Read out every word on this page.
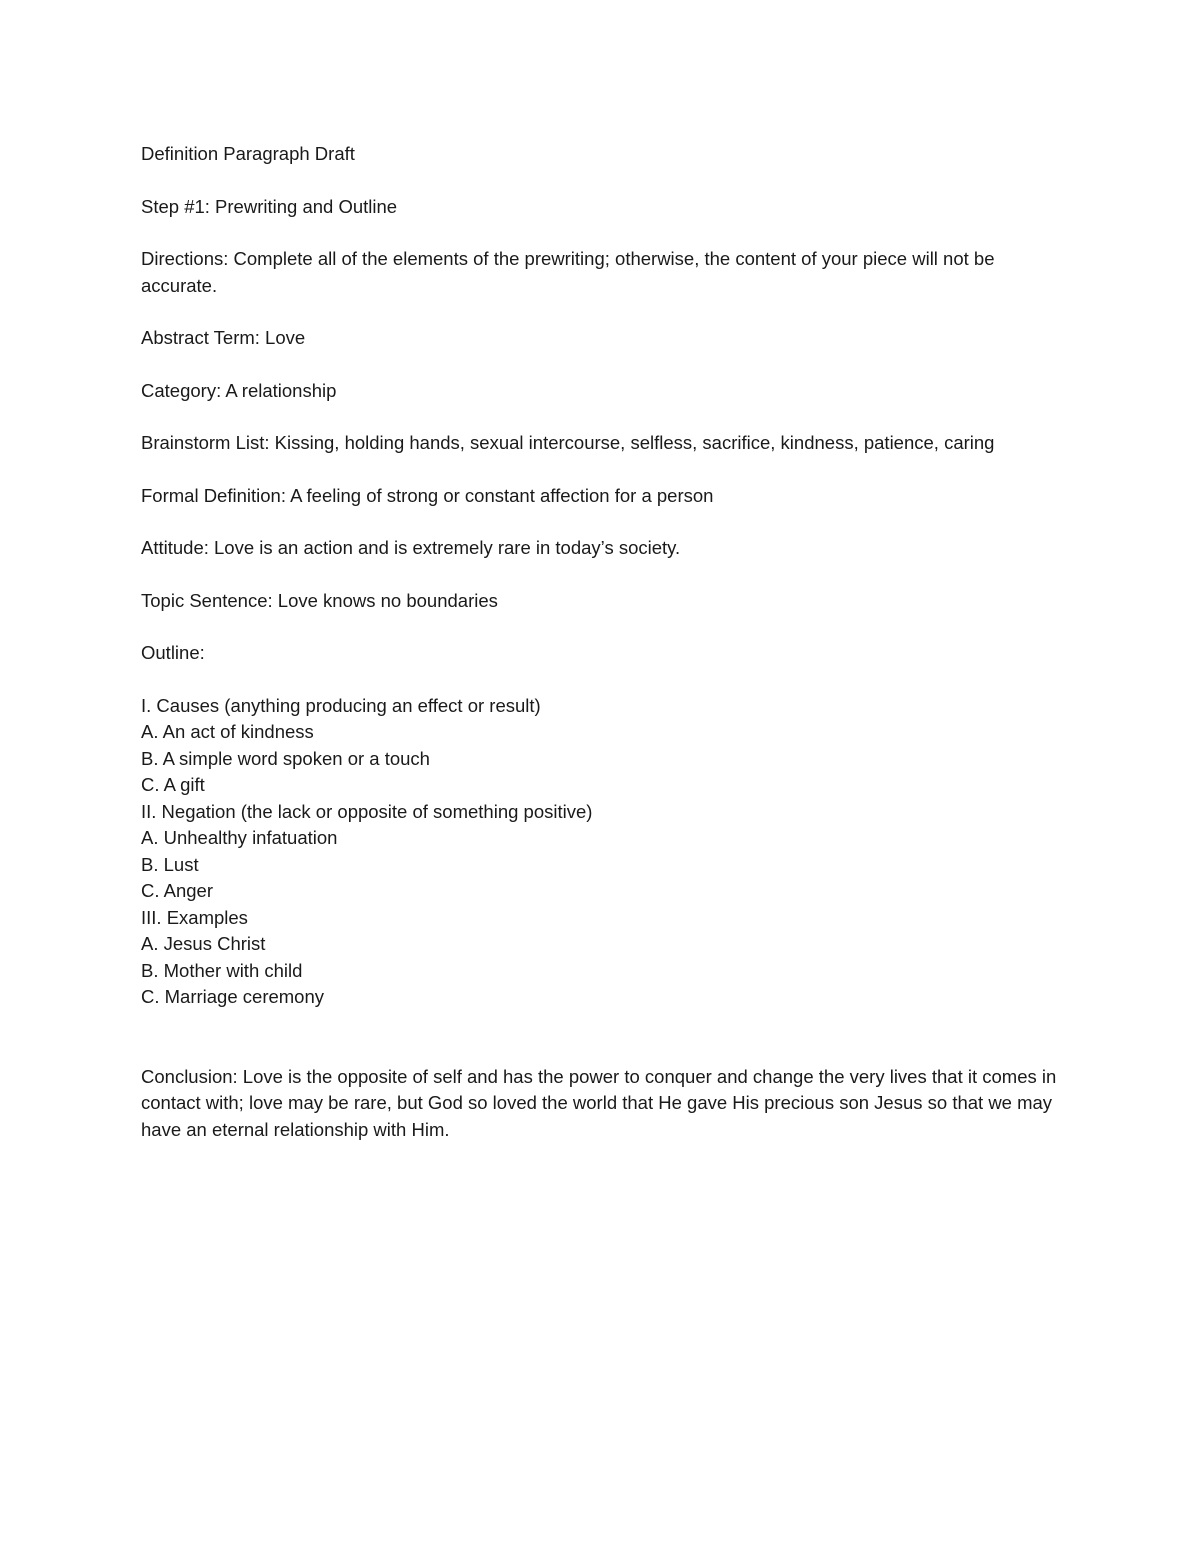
Definition Paragraph Draft

Step #1: Prewriting and Outline

Directions: Complete all of the elements of the prewriting; otherwise, the content of your piece will not be accurate.

Abstract Term: Love

Category: A relationship

Brainstorm List: Kissing, holding hands, sexual intercourse, selfless, sacrifice, kindness, patience, caring

Formal Definition: A feeling of strong or constant affection for a person

Attitude: Love is an action and is extremely rare in today’s society.

Topic Sentence: Love knows no boundaries

Outline:

I. Causes (anything producing an effect or result)

A. An act of kindness

B. A simple word spoken or a touch

C. A gift

II. Negation (the lack or opposite of something positive)

A. Unhealthy infatuation

B. Lust

C. Anger

III. Examples

A. Jesus Christ

B. Mother with child

C. Marriage ceremony

Conclusion: Love is the opposite of self and has the power to conquer and change the very lives that it comes in contact with; love may be rare, but God so loved the world that He gave His precious son Jesus so that we may have an eternal relationship with Him.
